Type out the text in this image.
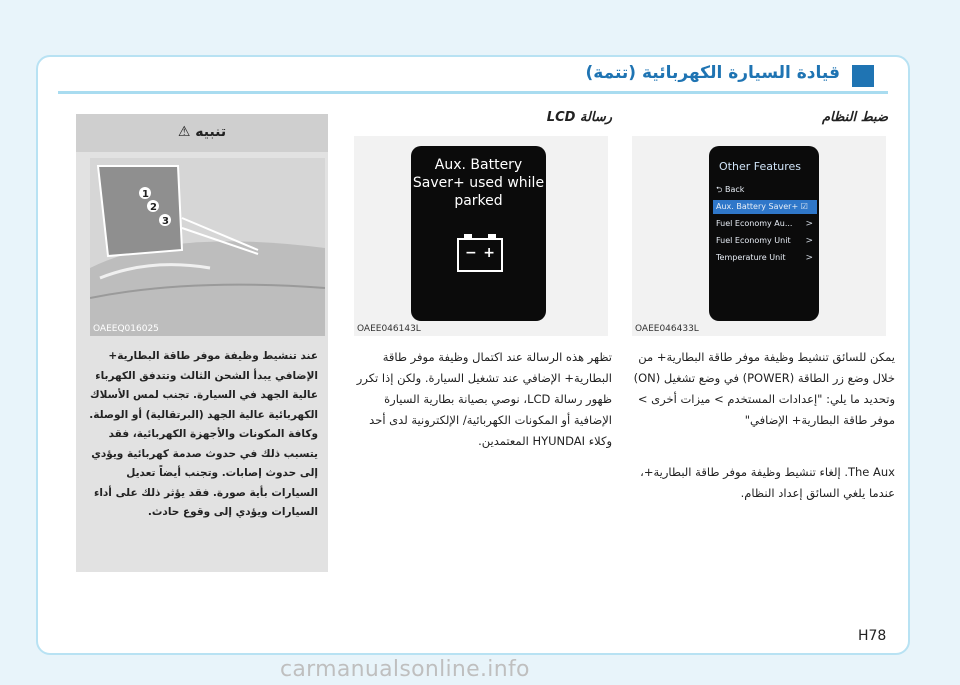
قيادة السيارة الكهربائية (تتمة)
ضبط النظام
Other Features
⮌ Back
Aux. Battery Saver+ ☑
Fuel Economy Au... >
Fuel Economy Unit >
Temperature Unit >
OAEE046433L
يمكن للسائق تنشيط وظيفة موفر طاقة البطارية+ من خلال وضع زر الطاقة (POWER) في وضع تشغيل (ON) وتحديد ما يلي: "إعدادات المستخدم > ميزات أخرى > موفر طاقة البطارية+ الإضافي"
The Aux. إلغاء تنشيط وظيفة موفر طاقة البطارية+، عندما يلغي السائق إعداد النظام.
رسالة LCD
Aux. Battery Saver+ used while parked
− +
OAEE046143L
تظهر هذه الرسالة عند اكتمال وظيفة موفر طاقة البطارية+ الإضافي عند تشغيل السيارة. ولكن إذا تكرر ظهور رسالة LCD، نوصي بصيانة بطارية السيارة الإضافية أو المكونات الكهربائية/ الإلكترونية لدى أحد وكلاء HYUNDAI المعتمدين.
تنبيه ⚠
1
2
3
OAEEQ016025
عند تنشيط وظيفة موفر طاقة البطارية+ الإضافي يبدأ الشحن الثالث وتتدفق الكهرباء عالية الجهد في السيارة. تجنب لمس الأسلاك الكهربائية عالية الجهد (البرتقالية) أو الوصلة. وكافة المكونات والأجهزة الكهربائية، فقد يتسبب ذلك في حدوث صدمة كهربائية ويؤدي إلى حدوث إصابات. وتجنب أيضاً تعديل السيارات بأية صورة. فقد يؤثر ذلك على أداء السيارات ويؤدي إلى وقوع حادث.
H78
carmanualsonline.info
